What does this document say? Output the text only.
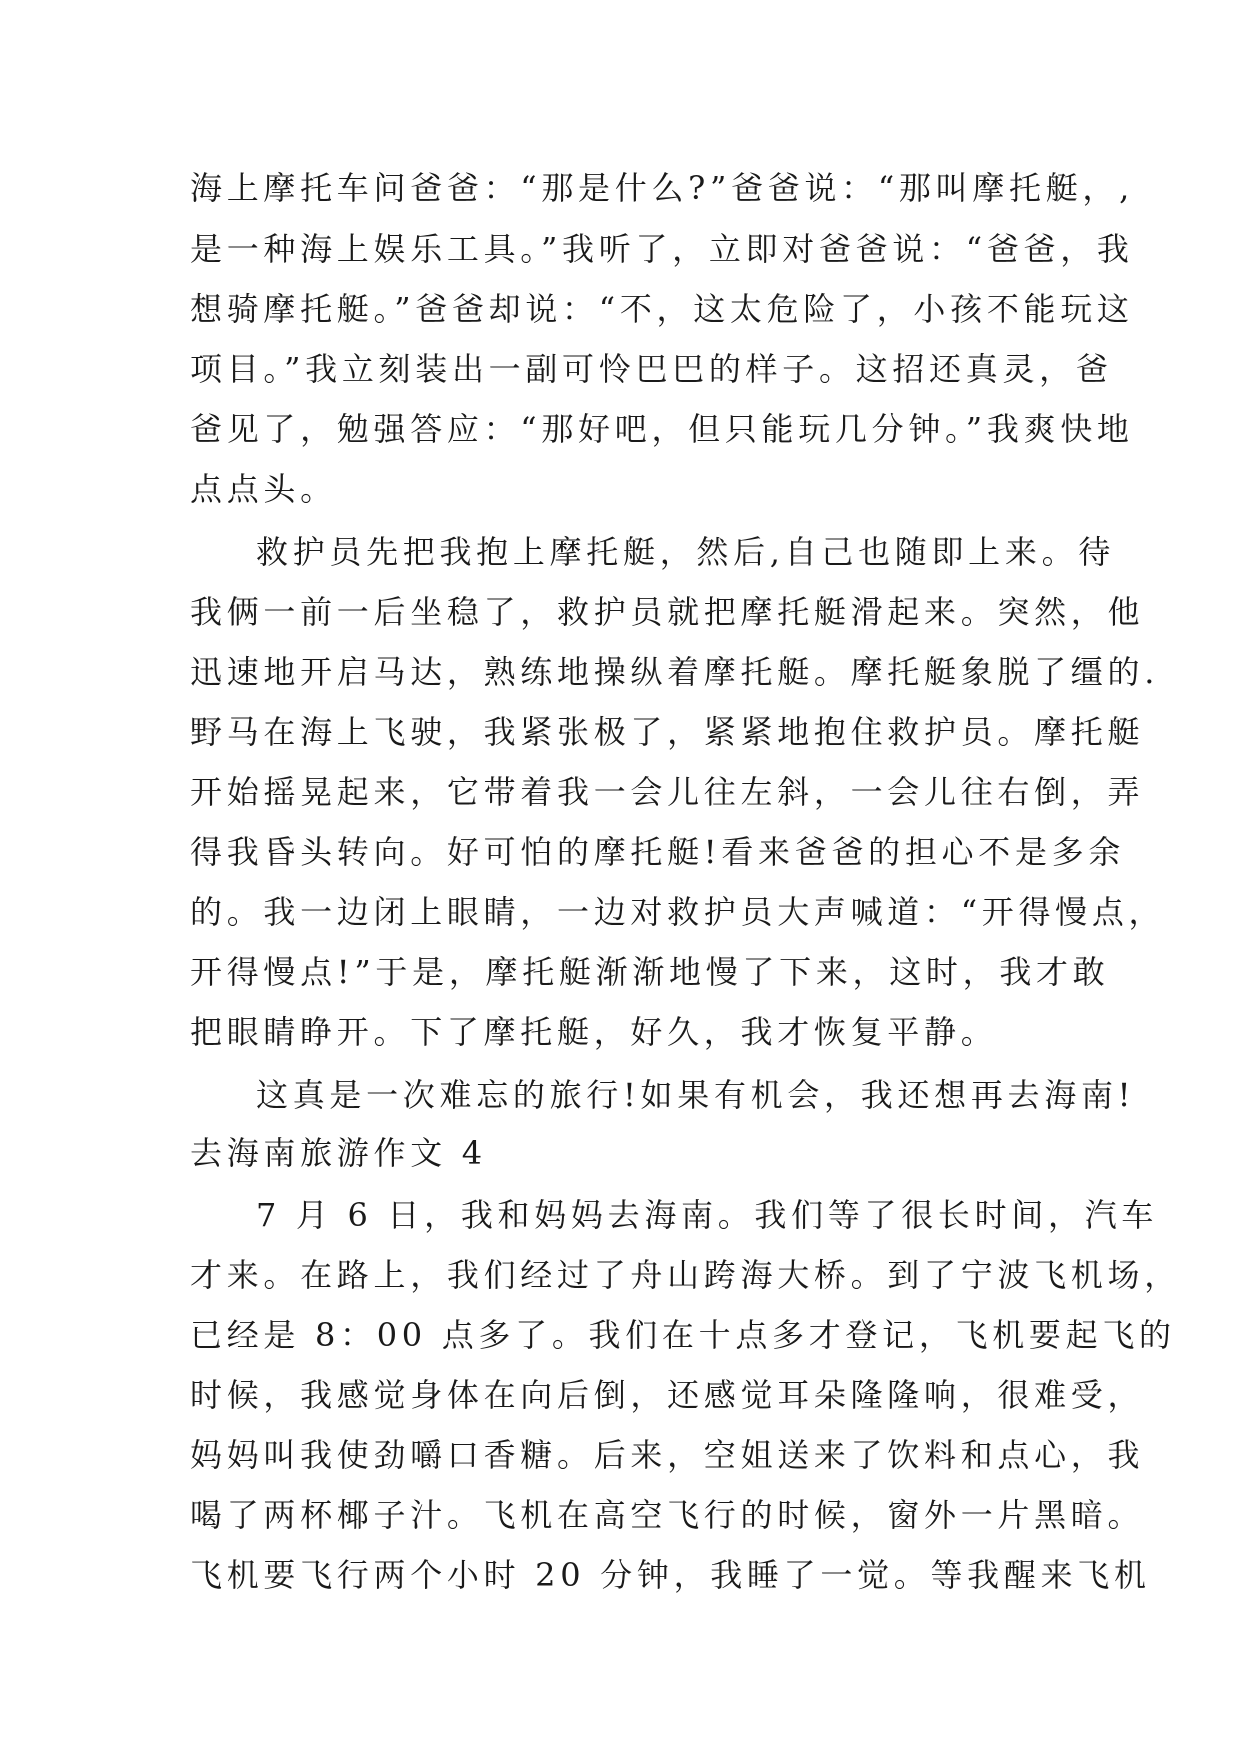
海上摩托车问爸爸：“那是什么?”爸爸说：“那叫摩托艇，,
是一种海上娱乐工具。”我听了，立即对爸爸说：“爸爸，我
想骑摩托艇。”爸爸却说：“不，这太危险了，小孩不能玩这
项目。”我立刻装出一副可怜巴巴的样子。这招还真灵，爸
爸见了，勉强答应：“那好吧，但只能玩几分钟。”我爽快地
点点头。
救护员先把我抱上摩托艇，然后,自己也随即上来。待
我俩一前一后坐稳了，救护员就把摩托艇滑起来。突然，他
迅速地开启马达，熟练地操纵着摩托艇。摩托艇象脱了缰的.
野马在海上飞驶，我紧张极了，紧紧地抱住救护员。摩托艇
开始摇晃起来，它带着我一会儿往左斜，一会儿往右倒，弄
得我昏头转向。好可怕的摩托艇!看来爸爸的担心不是多余
的。我一边闭上眼睛，一边对救护员大声喊道：“开得慢点，
开得慢点!”于是，摩托艇渐渐地慢了下来，这时，我才敢
把眼睛睁开。下了摩托艇，好久，我才恢复平静。
这真是一次难忘的旅行!如果有机会，我还想再去海南!
去海南旅游作文 4
7 月 6 日，我和妈妈去海南。我们等了很长时间，汽车
才来。在路上，我们经过了舟山跨海大桥。到了宁波飞机场，
已经是 8：00 点多了。我们在十点多才登记，飞机要起飞的
时候，我感觉身体在向后倒，还感觉耳朵隆隆响，很难受，
妈妈叫我使劲嚼口香糖。后来，空姐送来了饮料和点心，我
喝了两杯椰子汁。飞机在高空飞行的时候，窗外一片黑暗。
飞机要飞行两个小时 20 分钟，我睡了一觉。等我醒来飞机
